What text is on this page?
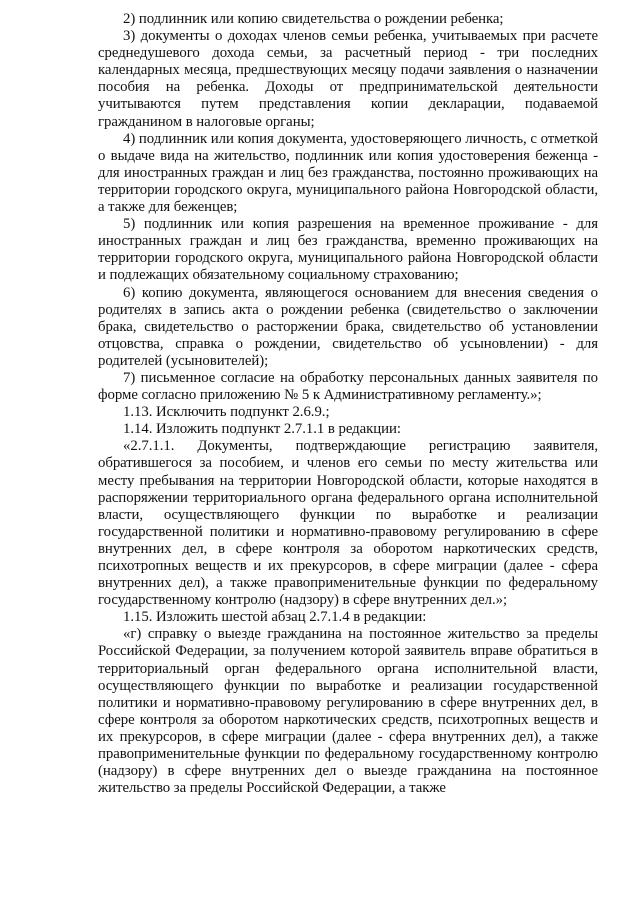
2) подлинник или копию свидетельства о рождении ребенка;

3) документы о доходах членов семьи ребенка, учитываемых при расчете среднедушевого дохода семьи, за расчетный период - три последних календарных месяца, предшествующих месяцу подачи заявления о назначении пособия на ребенка. Доходы от предпринимательской деятельности учитываются путем представления копии декларации, подаваемой гражданином в налоговые органы;

4) подлинник или копия документа, удостоверяющего личность, с отметкой о выдаче вида на жительство, подлинник или копия удостоверения беженца - для иностранных граждан и лиц без гражданства, постоянно проживающих на территории городского округа, муниципального района Новгородской области, а также для беженцев;

5) подлинник или копия разрешения на временное проживание - для иностранных граждан и лиц без гражданства, временно проживающих на территории городского округа, муниципального района Новгородской области и подлежащих обязательному социальному страхованию;

6) копию документа, являющегося основанием для внесения сведения о родителях в запись акта о рождении ребенка (свидетельство о заключении брака, свидетельство о расторжении брака, свидетельство об установлении отцовства, справка о рождении, свидетельство об усыновлении) - для родителей (усыновителей);

7) письменное согласие на обработку персональных данных заявителя по форме согласно приложению № 5 к Административному регламенту.»;

1.13. Исключить подпункт 2.6.9.;

1.14. Изложить подпункт 2.7.1.1 в редакции:

«2.7.1.1. Документы, подтверждающие регистрацию заявителя, обратившегося за пособием, и членов его семьи по месту жительства или месту пребывания на территории Новгородской области, которые находятся в распоряжении территориального органа федерального органа исполнительной власти, осуществляющего функции по выработке и реализации государственной политики и нормативно-правовому регулированию в сфере внутренних дел, в сфере контроля за оборотом наркотических средств, психотропных веществ и их прекурсоров, в сфере миграции (далее - сфера внутренних дел), а также правоприменительные функции по федеральному государственному контролю (надзору) в сфере внутренних дел.»;

1.15. Изложить шестой абзац 2.7.1.4 в редакции:

«г) справку о выезде гражданина на постоянное жительство за пределы Российской Федерации, за получением которой заявитель вправе обратиться в территориальный орган федерального органа исполнительной власти, осуществляющего функции по выработке и реализации государственной политики и нормативно-правовому регулированию в сфере внутренних дел, в сфере контроля за оборотом наркотических средств, психотропных веществ и их прекурсоров, в сфере миграции (далее - сфера внутренних дел), а также правоприменительные функции по федеральному государственному контролю (надзору) в сфере внутренних дел о выезде гражданина на постоянное жительство за пределы Российской Федерации, а также
